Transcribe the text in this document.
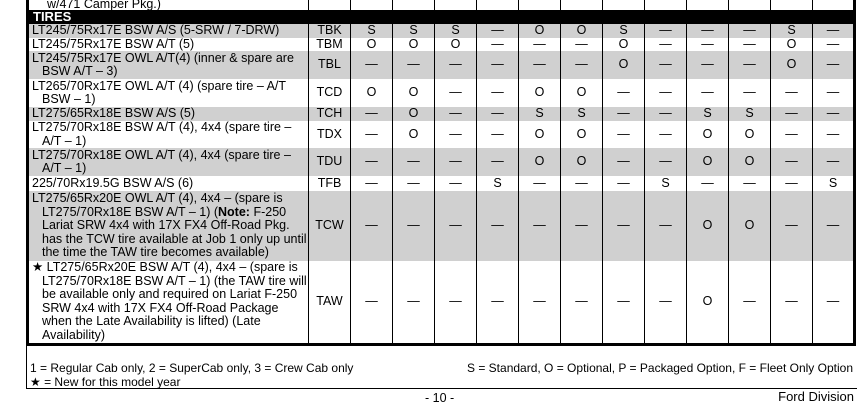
w/471 Camper Pkg.)													
TIRES													

LT245/75Rx17E BSW A/S (5-SRW / 7-DRW)	TBK	S	S	S	—	O	O	S	—	—	—	S	—

LT245/75Rx17E BSW A/T (5)	TBM	O	O	O	—	—	—	O	—	—	—	O	—

LT245/75Rx17E OWL A/T(4) (inner & spare are BSW A/T – 3)	TBL	—	—	—	—	—	—	O	—	—	—	O	—

LT265/70Rx17E OWL A/T (4) (spare tire – A/T BSW – 1)	TCD	O	O	—	—	O	O	—	—	—	—	—	—

LT275/65Rx18E BSW A/S (5)	TCH	—	O	—	—	S	S	—	—	S	S	—	—

LT275/70Rx18E BSW A/T (4), 4x4 (spare tire – A/T – 1)	TDX	—	O	—	—	O	O	—	—	O	O	—	—

LT275/70Rx18E OWL A/T (4), 4x4 (spare tire – A/T – 1)	TDU	—	—	—	—	O	O	—	—	O	O	—	—

225/70Rx19.5G BSW A/S (6)	TFB	—	—	—	S	—	—	—	S	—	—	—	S

LT275/65Rx20E OWL A/T (4), 4x4 – (spare is LT275/70Rx18E BSW A/T – 1) (Note: F-250 Lariat SRW 4x4 with 17X FX4 Off-Road Pkg. has the TCW tire available at Job 1 only up until the time the TAW tire becomes available)	TCW	—	—	—	—	—	—	—	—	O	O	—	—

★ LT275/65Rx20E BSW A/T (4), 4x4 – (spare is LT275/70Rx18E BSW A/T – 1) (the TAW tire will be available only and required on Lariat F-250 SRW 4x4 with 17X FX4 Off-Road Package when the Late Availability is lifted) (Late Availability)	TAW	—	—	—	—	—	—	—	—	O	—	—	—
1 = Regular Cab only, 2 = SuperCab only, 3 = Crew Cab only
★ = New for this model year
S = Standard, O = Optional, P = Packaged Option, F = Fleet Only Option
- 10 -	Ford Division
